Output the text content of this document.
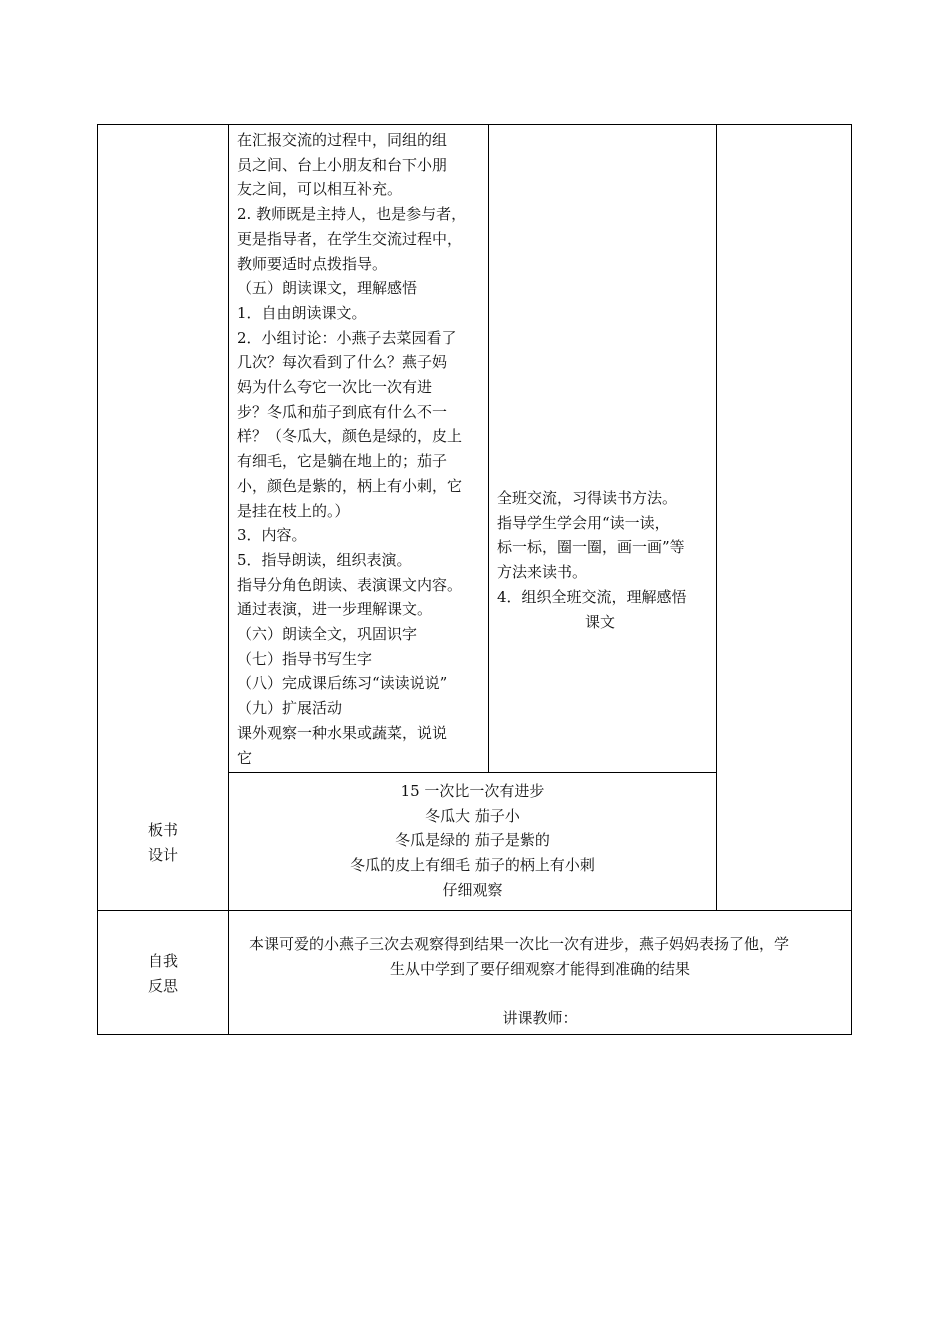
在汇报交流的过程中，同组的组

员之间、台上小朋友和台下小朋

友之间，可以相互补充。

2. 教师既是主持人，也是参与者，

更是指导者，在学生交流过程中，

教师要适时点拨指导。

（五）朗读课文，理解感悟

1．自由朗读课文。

2．小组讨论：小燕子去菜园看了

几次？每次看到了什么？燕子妈

妈为什么夸它一次比一次有进

步？冬瓜和茄子到底有什么不一

样？（冬瓜大，颜色是绿的，皮上

有细毛，它是躺在地上的；茄子

小，颜色是紫的，柄上有小刺，它

是挂在枝上的。）

3．内容。

5．指导朗读，组织表演。

指导分角色朗读、表演课文内容。

通过表演，进一步理解课文。

（六）朗读全文，巩固识字

（七）指导书写生字

（八）完成课后练习“读读说说”

（九）扩展活动

课外观察一种水果或蔬菜，说说

它

全班交流，习得读书方法。

指导学生学会用“读一读，

标一标，圈一圈，画一画”等

方法来读书。

4．组织全班交流，理解感悟

课文

板书

设计

15 一次比一次有进步

冬瓜大 茄子小

冬瓜是绿的 茄子是紫的

冬瓜的皮上有细毛 茄子的柄上有小刺

仔细观察

自我

反思

本课可爱的小燕子三次去观察得到结果一次比一次有进步，燕子妈妈表扬了他，学

生从中学到了要仔细观察才能得到准确的结果

讲课教师：
